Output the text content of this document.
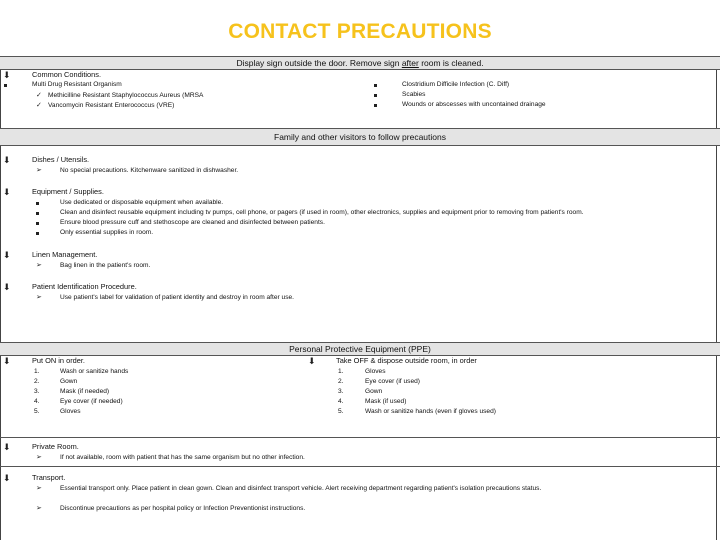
CONTACT PRECAUTIONS
Display sign outside the door. Remove sign after room is cleaned.
⬇	Common Conditions.
Multi Drug Resistant Organism
✓ Methicilline Resistant Staphylococcus Aureus (MRSA
✓ Vancomycin Resistant Enterococcus (VRE)
Clostridium Difficile Infection (C. Diff)
Scabies
Wounds or abscesses with uncontained drainage
Family and other visitors to follow precautions
⬇	Dishes / Utensils.
➢	No special precautions. Kitchenware sanitized in dishwasher.
⬇	Equipment / Supplies.
Use dedicated or disposable equipment when available.
Clean and disinfect reusable equipment including tv pumps, cell phone, or pagers (if used in room), other electronics, supplies and equipment prior to removing from patient's room.
Ensure blood pressure cuff and stethoscope are cleaned and disinfected between patients.
Only essential supplies in room.
⬇	Linen Management.
➢	Bag linen in the patient's room.
⬇	Patient Identification Procedure.
➢	Use patient's label for validation of patient identity and destroy in room after use.
Personal Protective Equipment (PPE)
⬇	Put ON in order.
1.	Wash or sanitize hands
2.	Gown
3.	Mask (if needed)
4.	Eye cover (if needed)
5.	Gloves
⬇	Take OFF & dispose outside room, in order
1.	Gloves
2.	Eye cover (if used)
3.	Gown
4.	Mask (if used)
5.	Wash or sanitize hands (even if gloves used)
⬇	Private Room.
➢	If not available, room with patient that has the same organism but no other infection.
⬇	Transport.
➢	Essential transport only. Place patient in clean gown. Clean and disinfect transport vehicle. Alert receiving department regarding patient's isolation precautions status.
➢	Discontinue precautions as per hospital policy or Infection Preventionist instructions.
